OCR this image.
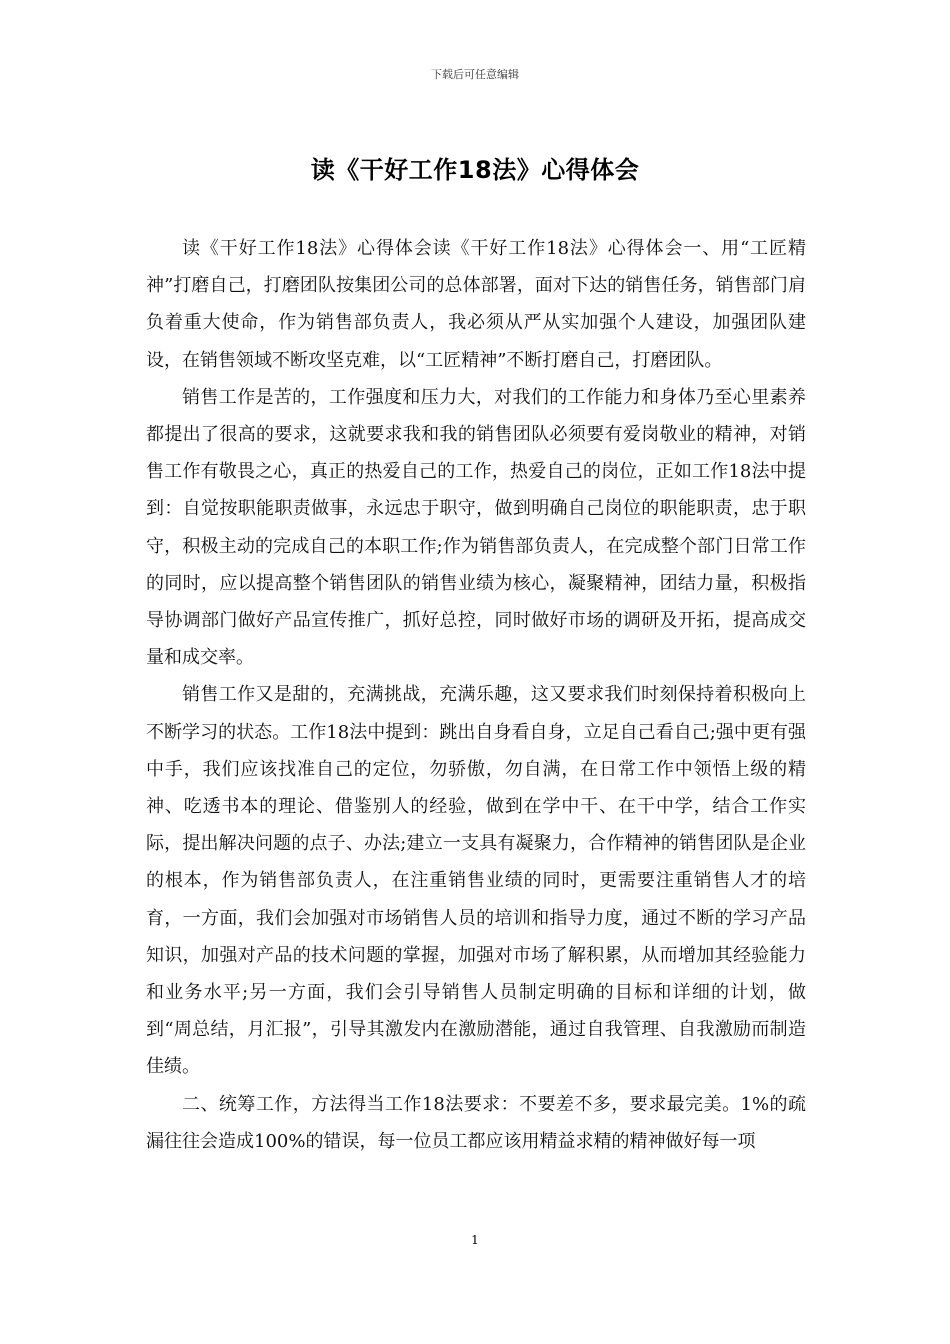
下载后可任意编辑
读《干好工作18法》心得体会

读《干好工作18法》心得体会读《干好工作18法》心得体会一、用“工匠精神”打磨自己，打磨团队按集团公司的总体部署，面对下达的销售任务，销售部门肩负着重大使命，作为销售部负责人，我必须从严从实加强个人建设，加强团队建设，在销售领域不断攻坚克难，以“工匠精神”不断打磨自己，打磨团队。

销售工作是苦的，工作强度和压力大，对我们的工作能力和身体乃至心里素养都提出了很高的要求，这就要求我和我的销售团队必须要有爱岗敬业的精神，对销售工作有敬畏之心，真正的热爱自己的工作，热爱自己的岗位，正如工作18法中提到：自觉按职能职责做事，永远忠于职守，做到明确自己岗位的职能职责，忠于职守，积极主动的完成自己的本职工作;作为销售部负责人，在完成整个部门日常工作的同时，应以提高整个销售团队的销售业绩为核心，凝聚精神，团结力量，积极指导协调部门做好产品宣传推广，抓好总控，同时做好市场的调研及开拓，提高成交量和成交率。

销售工作又是甜的，充满挑战，充满乐趣，这又要求我们时刻保持着积极向上不断学习的状态。工作18法中提到：跳出自身看自身，立足自己看自己;强中更有强中手，我们应该找准自己的定位，勿骄傲，勿自满，在日常工作中领悟上级的精神、吃透书本的理论、借鉴别人的经验，做到在学中干、在干中学，结合工作实际，提出解决问题的点子、办法;建立一支具有凝聚力，合作精神的销售团队是企业的根本，作为销售部负责人，在注重销售业绩的同时，更需要注重销售人才的培育，一方面，我们会加强对市场销售人员的培训和指导力度，通过不断的学习产品知识，加强对产品的技术问题的掌握，加强对市场了解积累，从而增加其经验能力和业务水平;另一方面，我们会引导销售人员制定明确的目标和详细的计划，做到“周总结，月汇报”，引导其激发内在激励潜能，通过自我管理、自我激励而制造佳绩。

二、统筹工作，方法得当工作18法要求：不要差不多，要求最完美。1%的疏漏往往会造成100%的错误，每一位员工都应该用精益求精的精神做好每一项

1
